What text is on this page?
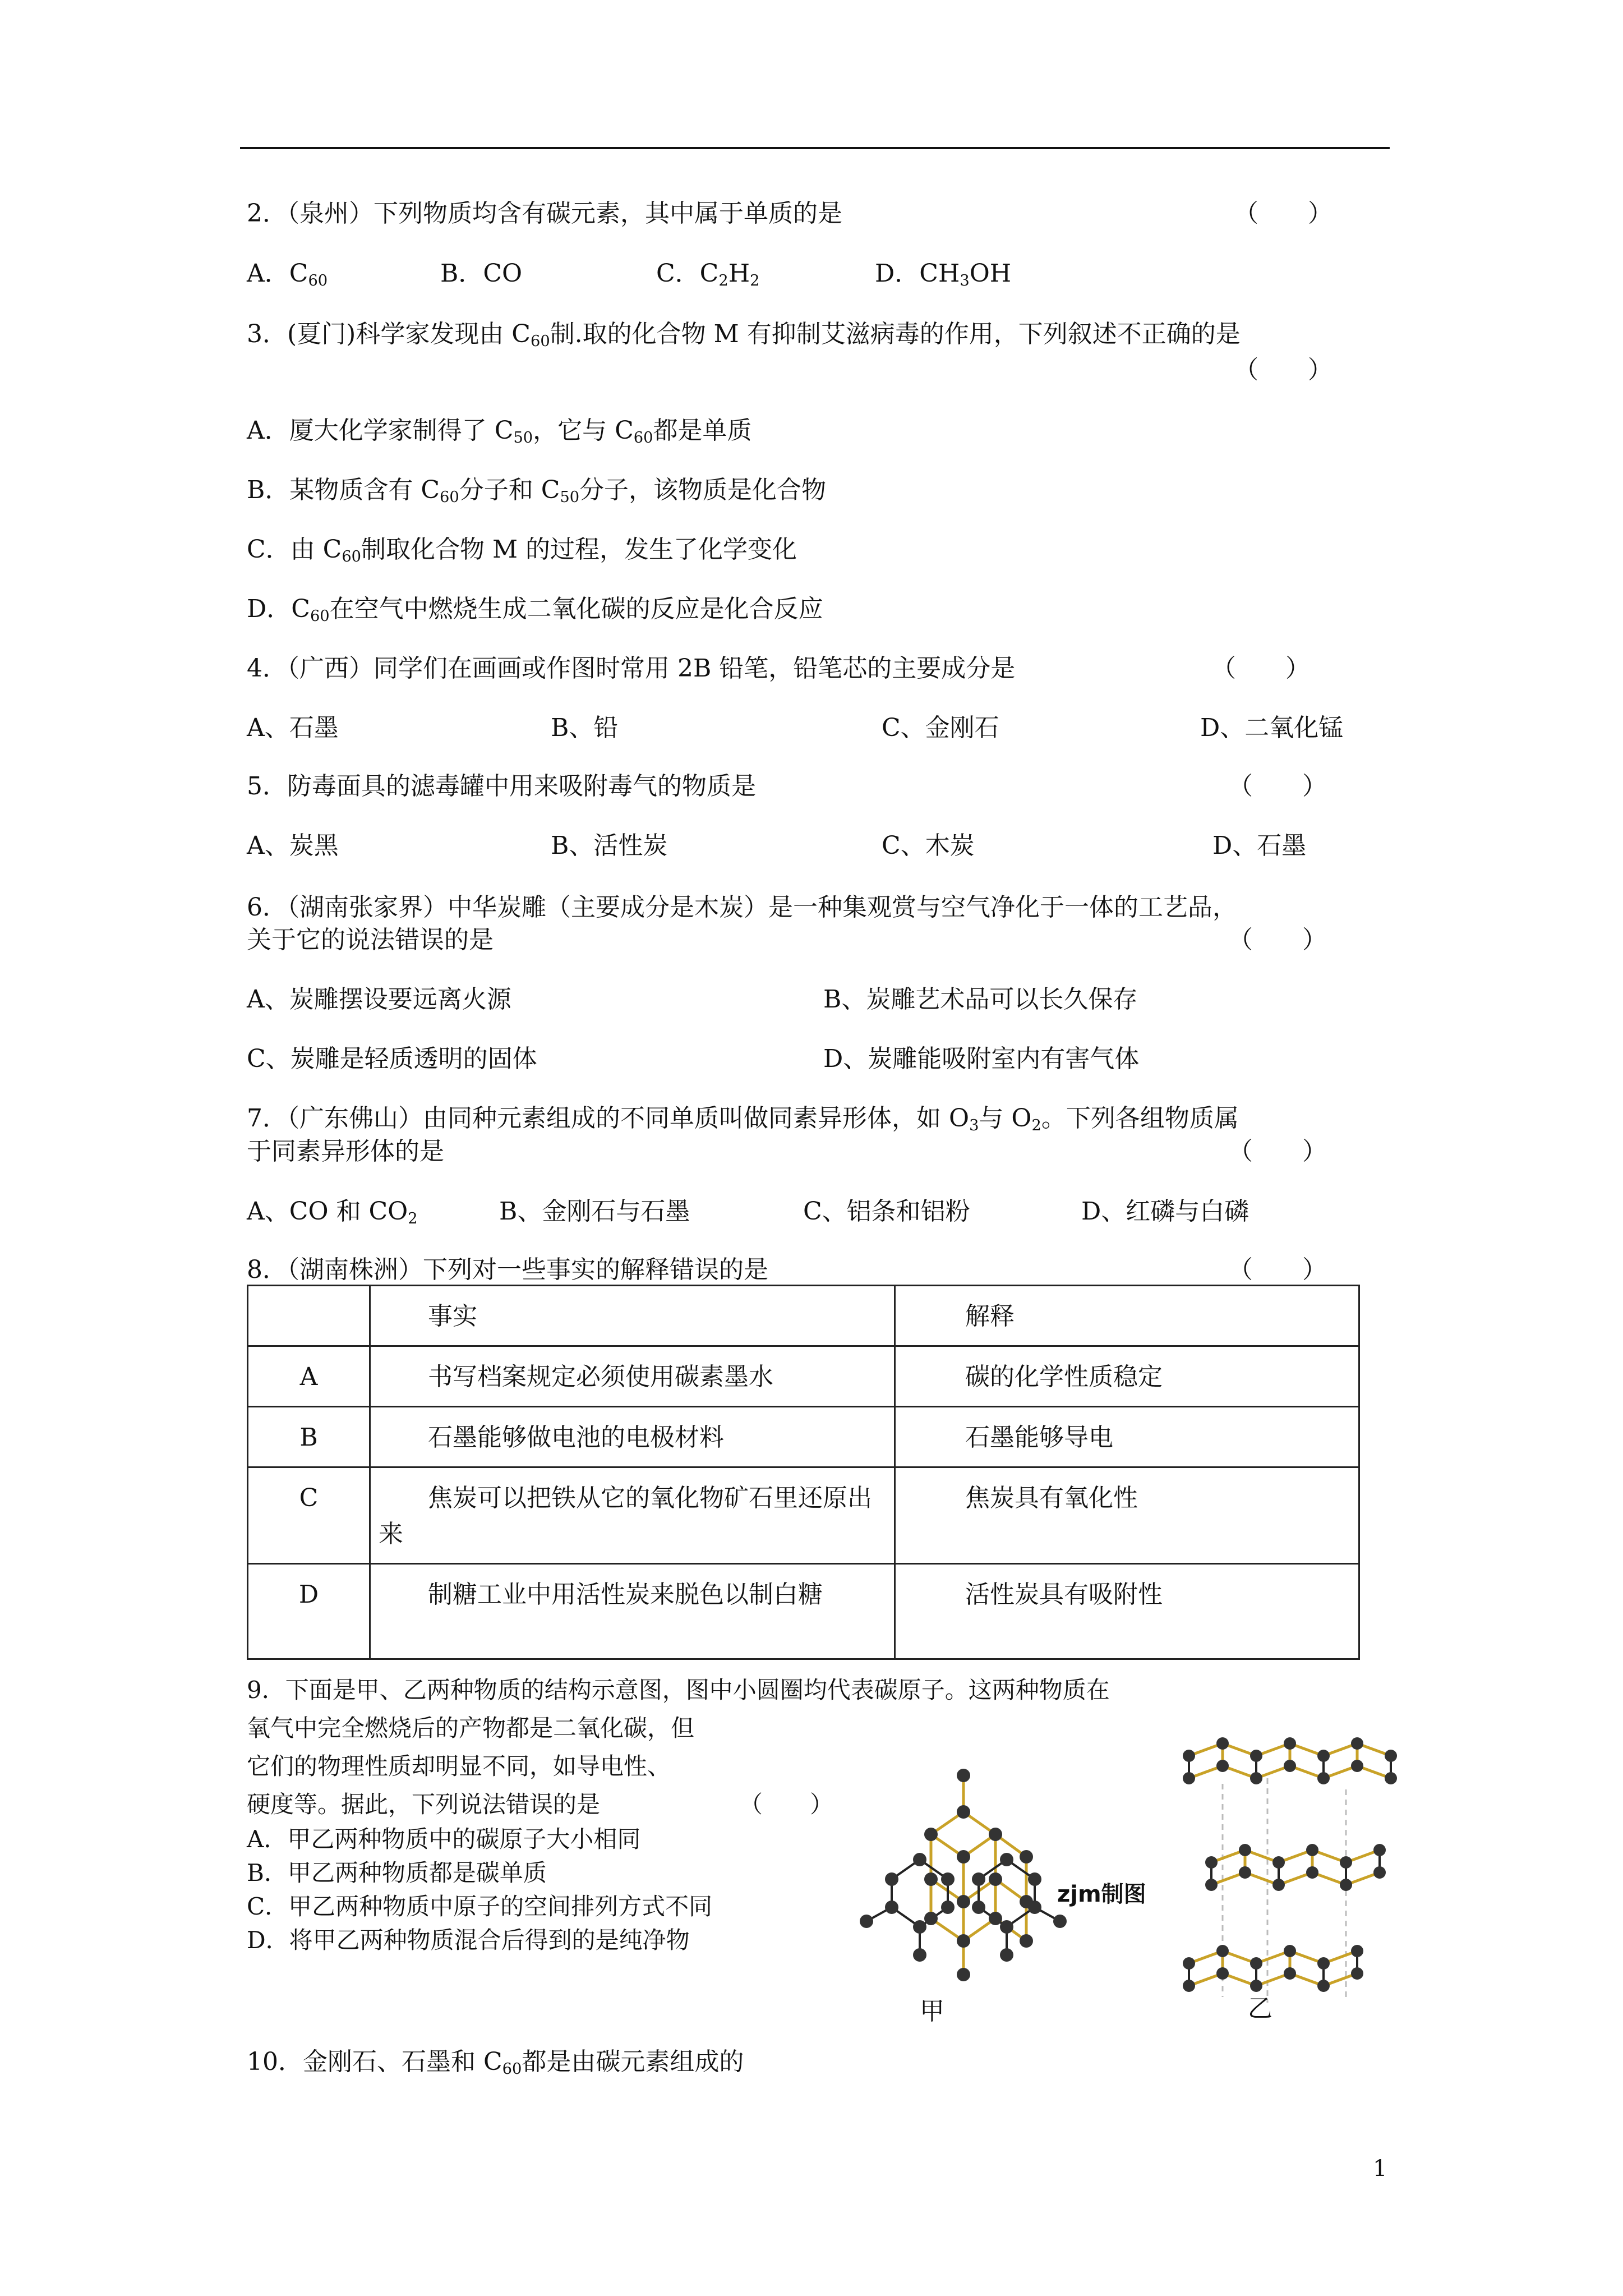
2．（泉州）下列物质均含有碳元素，其中属于单质的是	（　　）
A．$C_{60}$	B．CO	C．$C_2H_2$	D．$CH_3OH$
3．(夏门)科学家发现由 $C_{60}$制.取的化合物 M 有抑制艾滋病毒的作用，下列叙述不正确的是
（　　）
A．厦大化学家制得了 $C_{50}$，它与 $C_{60}$都是单质
B．某物质含有 $C_{60}$分子和 $C_{50}$分子，该物质是化合物
C．由 $C_{60}$制取化合物 M 的过程，发生了化学变化
D．$C_{60}$在空气中燃烧生成二氧化碳的反应是化合反应
4．（广西）同学们在画画或作图时常用 2B 铅笔，铅笔芯的主要成分是	（　　）
A、石墨	B、铅	C、金刚石	D、二氧化锰
5．防毒面具的滤毒罐中用来吸附毒气的物质是	（　　）
A、炭黑	B、活性炭	C、木炭	D、石墨
6．（湖南张家界）中华炭雕（主要成分是木炭）是一种集观赏与空气净化于一体的工艺品，
关于它的说法错误的是	（　　）
A、炭雕摆设要远离火源	B、炭雕艺术品可以长久保存
C、炭雕是轻质透明的固体	D、炭雕能吸附室内有害气体
7．（广东佛山）由同种元素组成的不同单质叫做同素异形体，如 $O_3$与 $O_2$。下列各组物质属
于同素异形体的是	（　　）
A、CO 和 $CO_2$	B、金刚石与石墨	C、铝条和铝粉	D、红磷与白磷
8．（湖南株洲）下列对一些事实的解释错误的是	（　　）
	事实	解释
A	书写档案规定必须使用碳素墨水	碳的化学性质稳定
B	石墨能够做电池的电极材料	石墨能够导电
C	焦炭可以把铁从它的氧化物矿石里还原出来	焦炭具有氧化性
D	制糖工业中用活性炭来脱色以制白糖	活性炭具有吸附性
9．下面是甲、乙两种物质的结构示意图，图中小圆圈均代表碳原子。这两种物质在
氧气中完全燃烧后的产物都是二氧化碳，但
它们的物理性质却明显不同，如导电性、
硬度等。据此，下列说法错误的是	（　　）
A．甲乙两种物质中的碳原子大小相同
B．甲乙两种物质都是碳单质
C．甲乙两种物质中原子的空间排列方式不同
D．将甲乙两种物质混合后得到的是纯净物
zjm制图
甲	乙
10．金刚石、石墨和 $C_{60}$都是由碳元素组成的
1
